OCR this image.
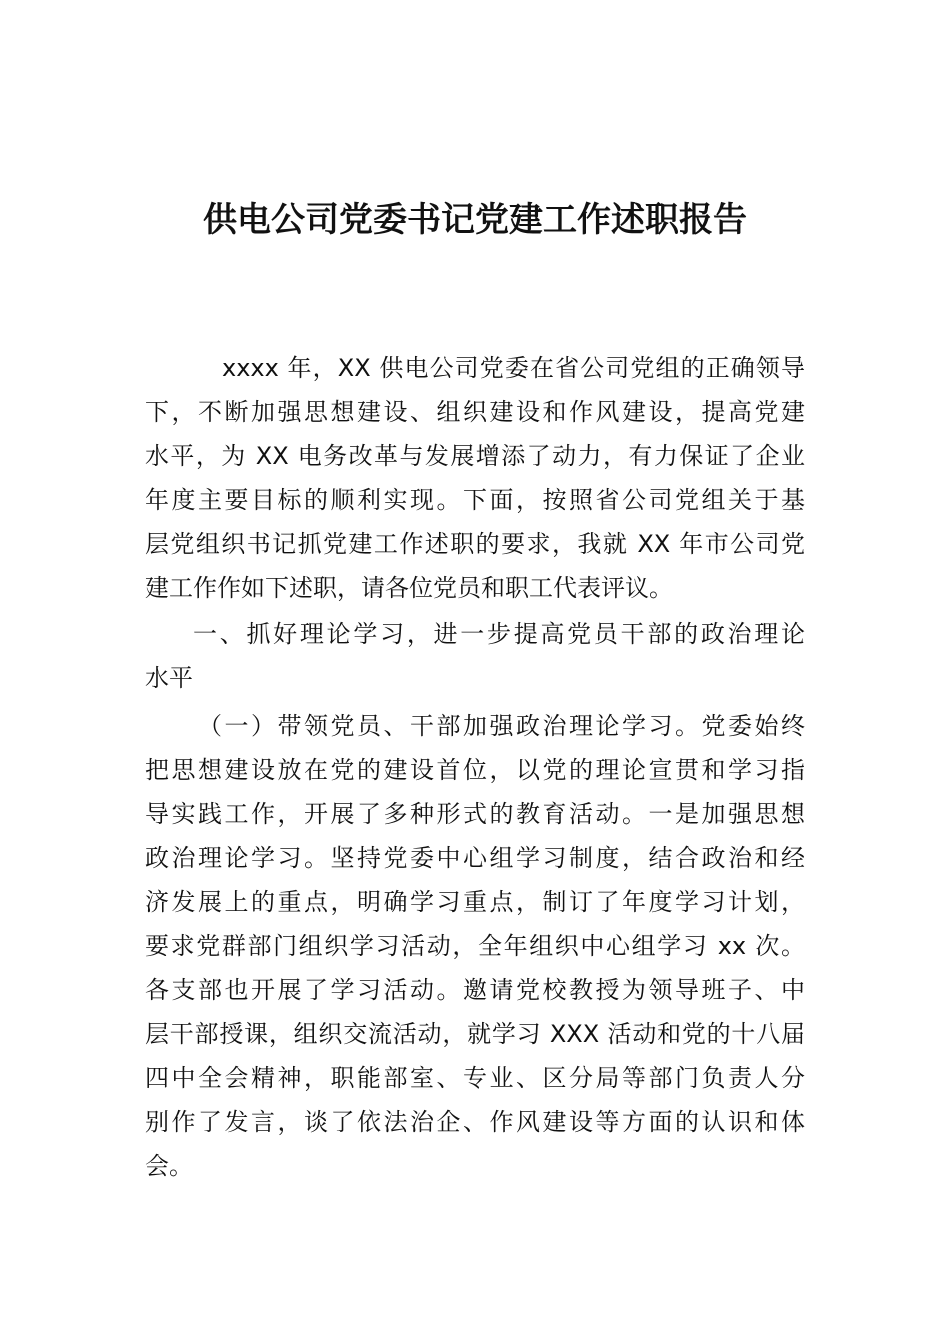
供电公司党委书记党建工作述职报告
xxxx 年，XX 供电公司党委在省公司党组的正确领导
下，不断加强思想建设、组织建设和作风建设，提高党建
水平，为 XX 电务改革与发展增添了动力，有力保证了企业
年度主要目标的顺利实现。下面，按照省公司党组关于基
层党组织书记抓党建工作述职的要求，我就 XX 年市公司党
建工作作如下述职，请各位党员和职工代表评议。
一、抓好理论学习，进一步提高党员干部的政治理论
水平
（一）带领党员、干部加强政治理论学习。党委始终
把思想建设放在党的建设首位，以党的理论宣贯和学习指
导实践工作，开展了多种形式的教育活动。一是加强思想
政治理论学习。坚持党委中心组学习制度，结合政治和经
济发展上的重点，明确学习重点，制订了年度学习计划，
要求党群部门组织学习活动，全年组织中心组学习 xx 次。
各支部也开展了学习活动。邀请党校教授为领导班子、中
层干部授课，组织交流活动，就学习 XXX 活动和党的十八届
四中全会精神，职能部室、专业、区分局等部门负责人分
别作了发言，谈了依法治企、作风建设等方面的认识和体
会。
